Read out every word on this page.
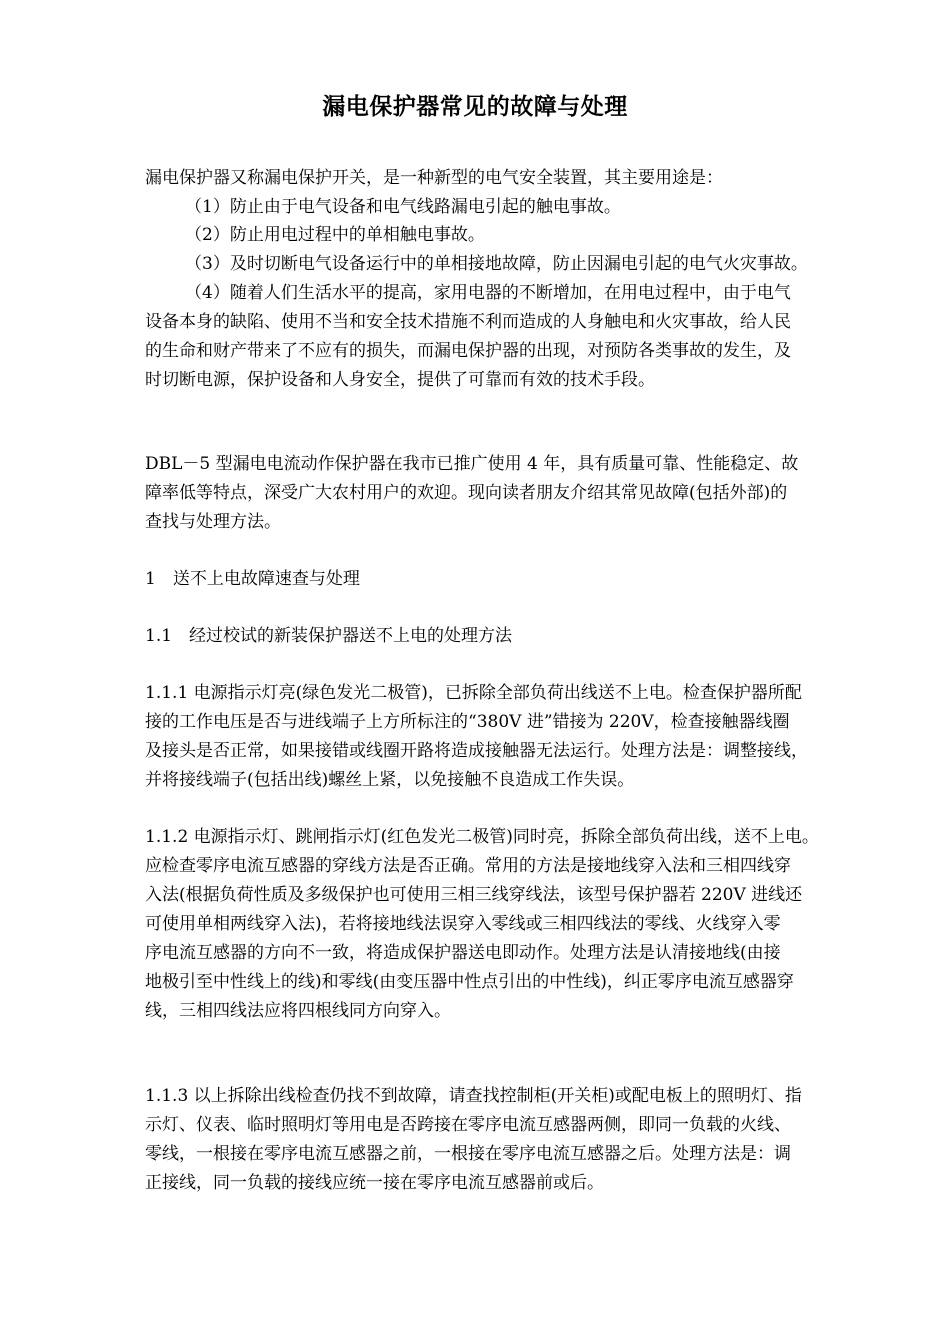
漏电保护器常见的故障与处理
漏电保护器又称漏电保护开关，是一种新型的电气安全装置，其主要用途是：
（1）防止由于电气设备和电气线路漏电引起的触电事故。
（2）防止用电过程中的单相触电事故。
（3）及时切断电气设备运行中的单相接地故障，防止因漏电引起的电气火灾事故。
（4）随着人们生活水平的提高，家用电器的不断增加，在用电过程中，由于电气
设备本身的缺陷、使用不当和安全技术措施不利而造成的人身触电和火灾事故，给人民
的生命和财产带来了不应有的损失，而漏电保护器的出现，对预防各类事故的发生，及
时切断电源，保护设备和人身安全，提供了可靠而有效的技术手段。
DBL－5 型漏电电流动作保护器在我市已推广使用 4 年，具有质量可靠、性能稳定、故
障率低等特点，深受广大农村用户的欢迎。现向读者朋友介绍其常见故障(包括外部)的
查找与处理方法。
1　送不上电故障速查与处理
1.1　经过校试的新装保护器送不上电的处理方法
1.1.1 电源指示灯亮(绿色发光二极管)，已拆除全部负荷出线送不上电。检查保护器所配
接的工作电压是否与进线端子上方所标注的“380V 进”错接为 220V，检查接触器线圈
及接头是否正常，如果接错或线圈开路将造成接触器无法运行。处理方法是：调整接线，
并将接线端子(包括出线)螺丝上紧，以免接触不良造成工作失误。
1.1.2 电源指示灯、跳闸指示灯(红色发光二极管)同时亮，拆除全部负荷出线，送不上电。
应检查零序电流互感器的穿线方法是否正确。常用的方法是接地线穿入法和三相四线穿
入法(根据负荷性质及多级保护也可使用三相三线穿线法，该型号保护器若 220V 进线还
可使用单相两线穿入法)，若将接地线法误穿入零线或三相四线法的零线、火线穿入零
序电流互感器的方向不一致，将造成保护器送电即动作。处理方法是认清接地线(由接
地极引至中性线上的线)和零线(由变压器中性点引出的中性线)，纠正零序电流互感器穿
线，三相四线法应将四根线同方向穿入。
1.1.3 以上拆除出线检查仍找不到故障，请查找控制柜(开关柜)或配电板上的照明灯、指
示灯、仪表、临时照明灯等用电是否跨接在零序电流互感器两侧，即同一负载的火线、
零线，一根接在零序电流互感器之前，一根接在零序电流互感器之后。处理方法是：调
正接线，同一负载的接线应统一接在零序电流互感器前或后。
